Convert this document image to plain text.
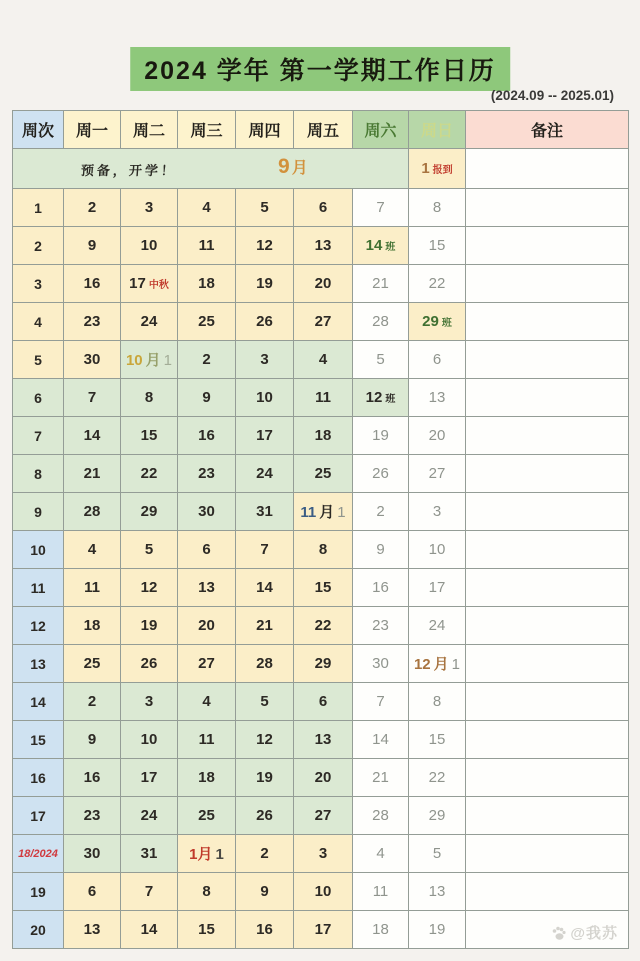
2024 学年 第一学期工作日历
(2024.09 -- 2025.01)
周次	周一	周二	周三	周四	周五	周六	周日	备注

预备，开学！ 9 月							1 报到	
1	2	3	4	5	6	7	8	
2	9	10	11	12	13	14 班	15	
3	16	17 中秋	18	19	20	21	22	
4	23	24	25	26	27	28	29 班	
5	30	10 月 1	2	3	4	5	6	
6	7	8	9	10	11	12 班	13	
7	14	15	16	17	18	19	20	
8	21	22	23	24	25	26	27	
9	28	29	30	31	11 月 1	2	3	
10	4	5	6	7	8	9	10	
11	11	12	13	14	15	16	17	
12	18	19	20	21	22	23	24	
13	25	26	27	28	29	30	12 月 1	
14	2	3	4	5	6	7	8	
15	9	10	11	12	13	14	15	
16	16	17	18	19	20	21	22	
17	23	24	25	26	27	28	29	
18/2024	30	31	1月 1	2	3	4	5	
19	6	7	8	9	10	11	13	
20	13	14	15	16	17	18	19		@我苏
